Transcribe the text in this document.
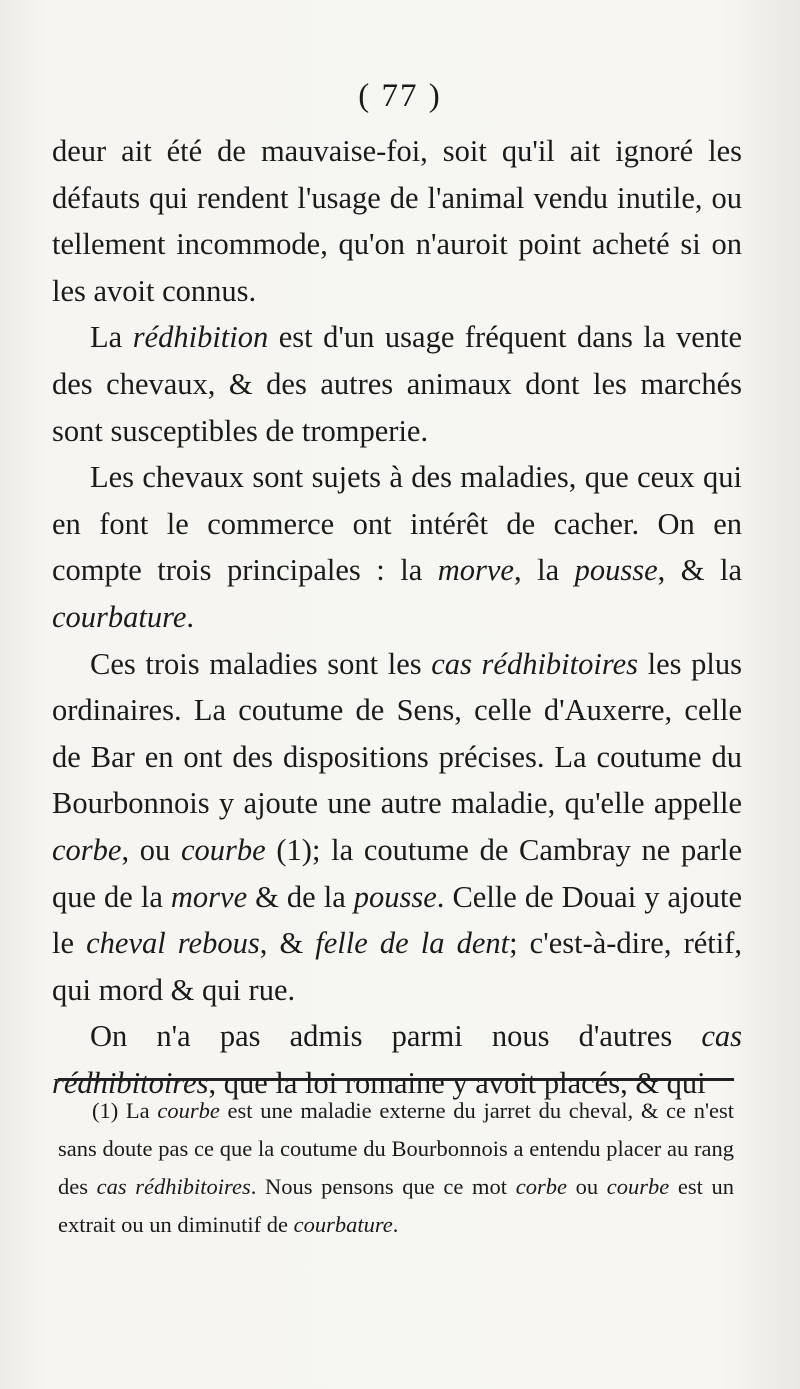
( 77 )

deur ait été de mauvaise-foi, soit qu'il ait ignoré les défauts qui rendent l'usage de l'animal vendu inutile, ou tellement incommode, qu'on n'auroit point acheté si on les avoit connus.

La rédhibition est d'un usage fréquent dans la vente des chevaux, & des autres animaux dont les marchés sont susceptibles de tromperie.

Les chevaux sont sujets à des maladies, que ceux qui en font le commerce ont intérêt de cacher. On en compte trois principales : la morve, la pousse, & la courbature.

Ces trois maladies sont les cas rédhibitoires les plus ordinaires. La coutume de Sens, celle d'Auxerre, celle de Bar en ont des dispositions précises. La coutume du Bourbonnois y ajoute une autre maladie, qu'elle appelle corbe, ou courbe (1); la coutume de Cambray ne parle que de la morve & de la pousse. Celle de Douai y ajoute le cheval rebous, & felle de la dent; c'est-à-dire, rétif, qui mord & qui rue.

On n'a pas admis parmi nous d'autres cas rédhibitoires, que la loi romaine y avoit placés, & qui

(1) La courbe est une maladie externe du jarret du cheval, & ce n'est sans doute pas ce que la coutume du Bourbonnois a entendu placer au rang des cas rédhibitoires. Nous pensons que ce mot corbe ou courbe est un extrait ou un diminutif de courbature.
